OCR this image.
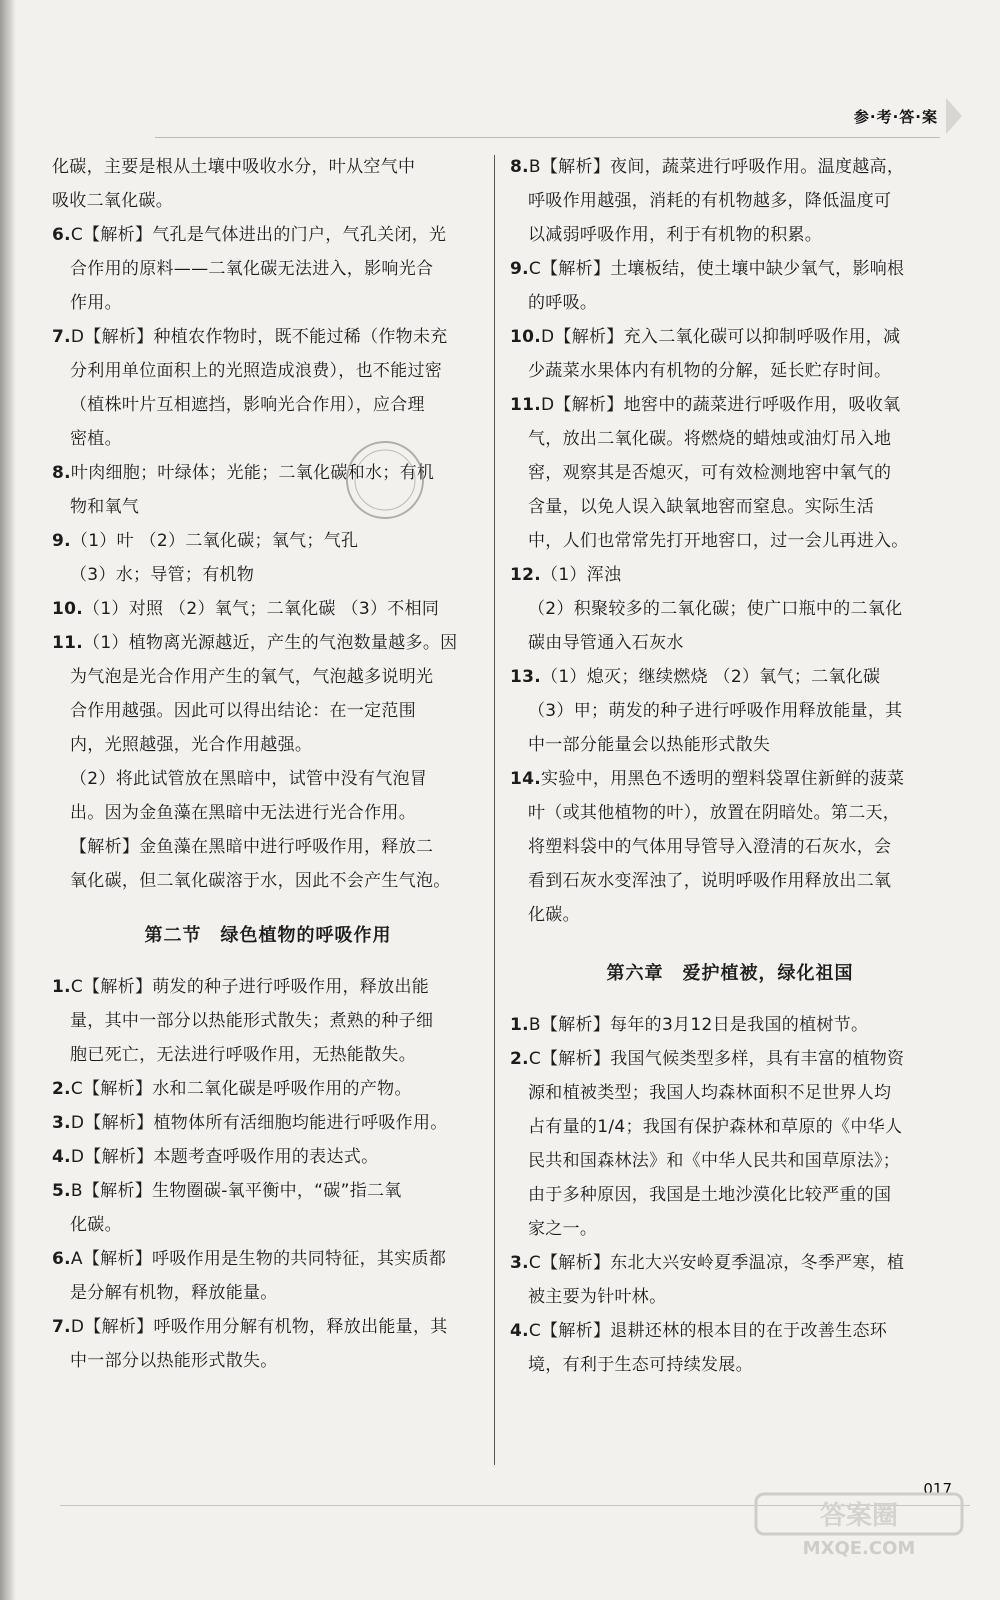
参·考·答·案
化碳，主要是根从土壤中吸收水分，叶从空气中
吸收二氧化碳。
6.C【解析】气孔是气体进出的门户，气孔关闭，光
合作用的原料——二氧化碳无法进入，影响光合
作用。
7.D【解析】种植农作物时，既不能过稀（作物未充
分利用单位面积上的光照造成浪费），也不能过密
（植株叶片互相遮挡，影响光合作用），应合理
密植。
8.叶肉细胞；叶绿体；光能；二氧化碳和水；有机
物和氧气
9.（1）叶 （2）二氧化碳；氧气；气孔
（3）水；导管；有机物
10.（1）对照 （2）氧气；二氧化碳 （3）不相同
11.（1）植物离光源越近，产生的气泡数量越多。因
为气泡是光合作用产生的氧气，气泡越多说明光
合作用越强。因此可以得出结论：在一定范围
内，光照越强，光合作用越强。
（2）将此试管放在黑暗中，试管中没有气泡冒
出。因为金鱼藻在黑暗中无法进行光合作用。
【解析】金鱼藻在黑暗中进行呼吸作用，释放二
氧化碳，但二氧化碳溶于水，因此不会产生气泡。
第二节　绿色植物的呼吸作用
1.C【解析】萌发的种子进行呼吸作用，释放出能
量，其中一部分以热能形式散失；煮熟的种子细
胞已死亡，无法进行呼吸作用，无热能散失。
2.C【解析】水和二氧化碳是呼吸作用的产物。
3.D【解析】植物体所有活细胞均能进行呼吸作用。
4.D【解析】本题考查呼吸作用的表达式。
5.B【解析】生物圈碳-氧平衡中，“碳”指二氧
化碳。
6.A【解析】呼吸作用是生物的共同特征，其实质都
是分解有机物，释放能量。
7.D【解析】呼吸作用分解有机物，释放出能量，其
中一部分以热能形式散失。
8.B【解析】夜间，蔬菜进行呼吸作用。温度越高，
呼吸作用越强，消耗的有机物越多，降低温度可
以减弱呼吸作用，利于有机物的积累。
9.C【解析】土壤板结，使土壤中缺少氧气，影响根
的呼吸。
10.D【解析】充入二氧化碳可以抑制呼吸作用，减
少蔬菜水果体内有机物的分解，延长贮存时间。
11.D【解析】地窖中的蔬菜进行呼吸作用，吸收氧
气，放出二氧化碳。将燃烧的蜡烛或油灯吊入地
窖，观察其是否熄灭，可有效检测地窖中氧气的
含量，以免人误入缺氧地窖而窒息。实际生活
中，人们也常常先打开地窖口，过一会儿再进入。
12.（1）浑浊
（2）积聚较多的二氧化碳；使广口瓶中的二氧化
碳由导管通入石灰水
13.（1）熄灭；继续燃烧 （2）氧气；二氧化碳
（3）甲；萌发的种子进行呼吸作用释放能量，其
中一部分能量会以热能形式散失
14.实验中，用黑色不透明的塑料袋罩住新鲜的菠菜
叶（或其他植物的叶），放置在阴暗处。第二天，
将塑料袋中的气体用导管导入澄清的石灰水，会
看到石灰水变浑浊了，说明呼吸作用释放出二氧
化碳。
第六章　爱护植被，绿化祖国
1.B【解析】每年的3月12日是我国的植树节。
2.C【解析】我国气候类型多样，具有丰富的植物资
源和植被类型；我国人均森林面积不足世界人均
占有量的1/4；我国有保护森林和草原的《中华人
民共和国森林法》和《中华人民共和国草原法》；
由于多种原因，我国是土地沙漠化比较严重的国
家之一。
3.C【解析】东北大兴安岭夏季温凉，冬季严寒，植
被主要为针叶林。
4.C【解析】退耕还林的根本目的在于改善生态环
境，有利于生态可持续发展。
017
答案圈
MXQE.COM
